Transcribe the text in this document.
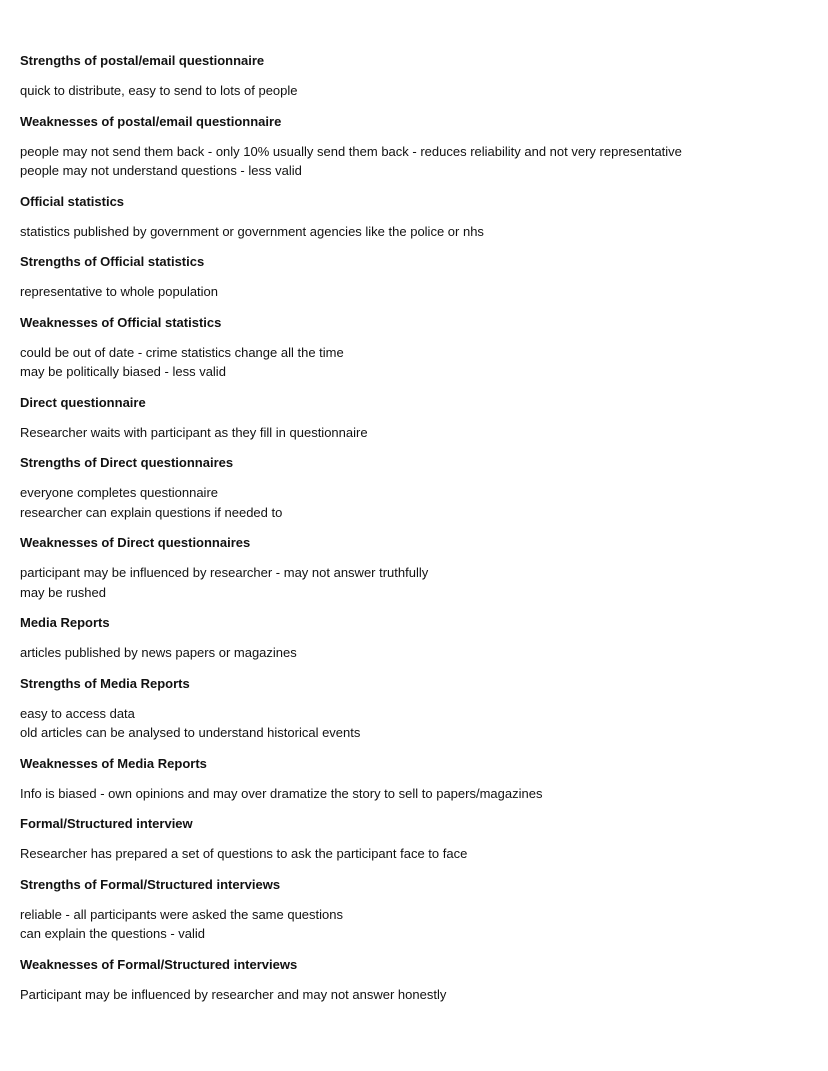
Strengths of postal/email questionnaire
quick to distribute, easy to send to lots of people
Weaknesses of postal/email questionnaire
people may not send them back - only 10% usually send them back - reduces reliability and not very representative
people may not understand questions - less valid
Official statistics
statistics published by government or government agencies like the police or nhs
Strengths of Official statistics
representative to whole population
Weaknesses of Official statistics
could be out of date - crime statistics change all the time
may be politically biased - less valid
Direct questionnaire
Researcher waits with participant as they fill in questionnaire
Strengths of Direct questionnaires
everyone completes questionnaire
researcher can explain questions if needed to
Weaknesses of Direct questionnaires
participant may be influenced by researcher - may not answer truthfully
may be rushed
Media Reports
articles published by news papers or magazines
Strengths of Media Reports
easy to access data
old articles can be analysed to understand historical events
Weaknesses of Media Reports
Info is biased - own opinions and may over dramatize the story to sell to papers/magazines
Formal/Structured interview
Researcher has prepared a set of questions to ask the participant face to face
Strengths of Formal/Structured interviews
reliable - all participants were asked the same questions
can explain the questions - valid
Weaknesses of Formal/Structured interviews
Participant may be influenced by researcher and may not answer honestly
